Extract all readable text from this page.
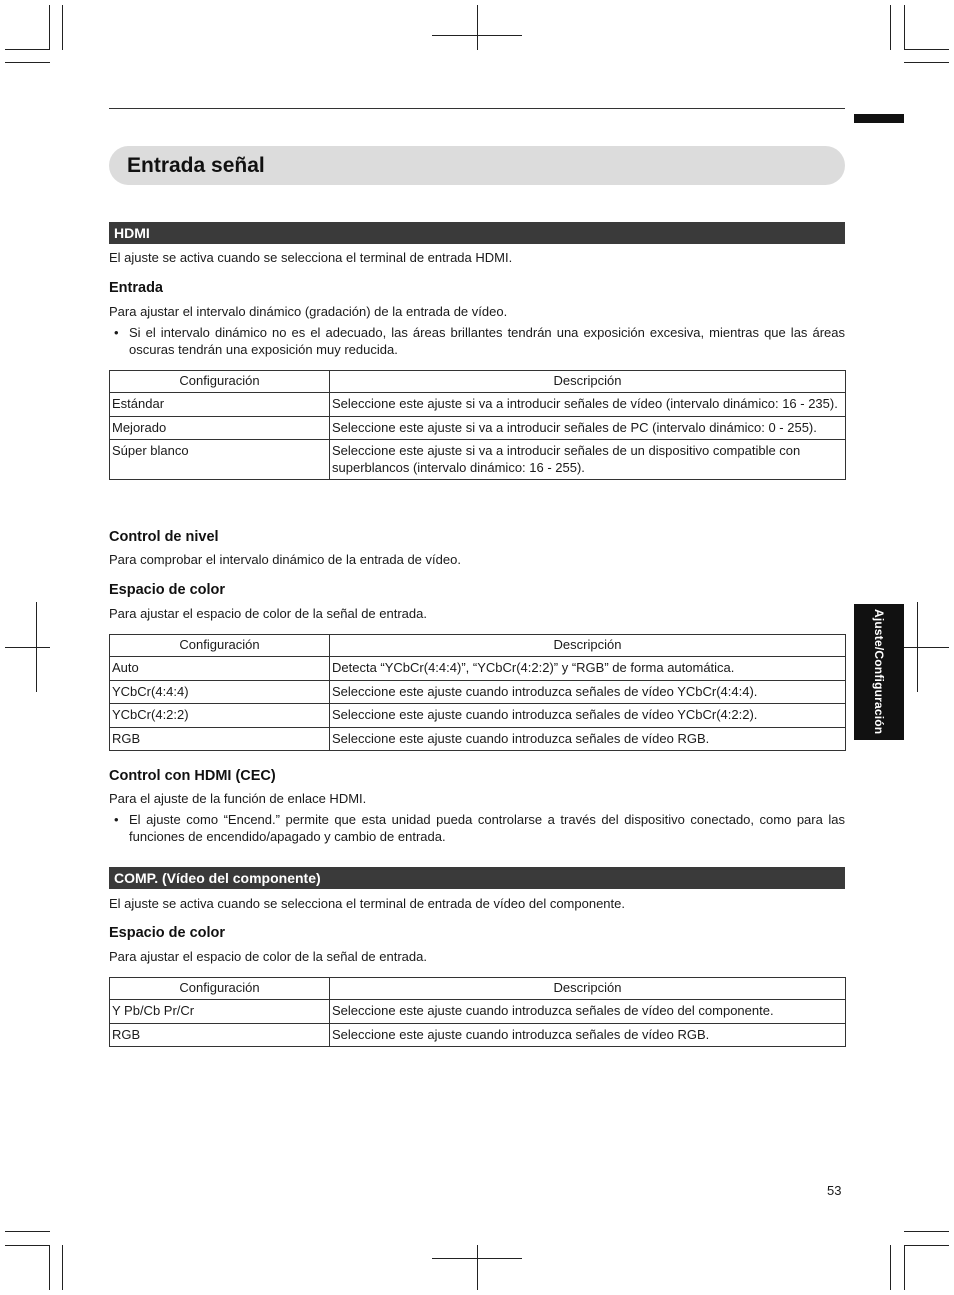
Ajuste/Configuración
Entrada señal
HDMI

El ajuste se activa cuando se selecciona el terminal de entrada HDMI.

Entrada

Para ajustar el intervalo dinámico (gradación) de la entrada de vídeo.

• Si el intervalo dinámico no es el adecuado, las áreas brillantes tendrán una exposición excesiva, mientras que las áreas oscuras tendrán una exposición muy reducida.
Configuración	Descripción
Estándar	Seleccione este ajuste si va a introducir señales de vídeo (intervalo dinámico: 16 - 235).
Mejorado	Seleccione este ajuste si va a introducir señales de PC (intervalo dinámico: 0 - 255).
Súper blanco	Seleccione este ajuste si va a introducir señales de un dispositivo compatible con superblancos (intervalo dinámico: 16 - 255).
Control de nivel

Para comprobar el intervalo dinámico de la entrada de vídeo.

Espacio de color

Para ajustar el espacio de color de la señal de entrada.

Configuración	Descripción
Auto	Detecta “YCbCr(4:4:4)”, “YCbCr(4:2:2)” y “RGB” de forma automática.
YCbCr(4:4:4)	Seleccione este ajuste cuando introduzca señales de vídeo YCbCr(4:4:4).
YCbCr(4:2:2)	Seleccione este ajuste cuando introduzca señales de vídeo YCbCr(4:2:2).
RGB	Seleccione este ajuste cuando introduzca señales de vídeo RGB.
Control con HDMI (CEC)

Para el ajuste de la función de enlace HDMI.

• El ajuste como “Encend.” permite que esta unidad pueda controlarse a través del dispositivo conectado, como para las funciones de encendido/apagado y cambio de entrada.
COMP. (Vídeo del componente)

El ajuste se activa cuando se selecciona el terminal de entrada de vídeo del componente.

Espacio de color

Para ajustar el espacio de color de la señal de entrada.

Configuración	Descripción
Y Pb/Cb Pr/Cr	Seleccione este ajuste cuando introduzca señales de vídeo del componente.
RGB	Seleccione este ajuste cuando introduzca señales de vídeo RGB.
53
